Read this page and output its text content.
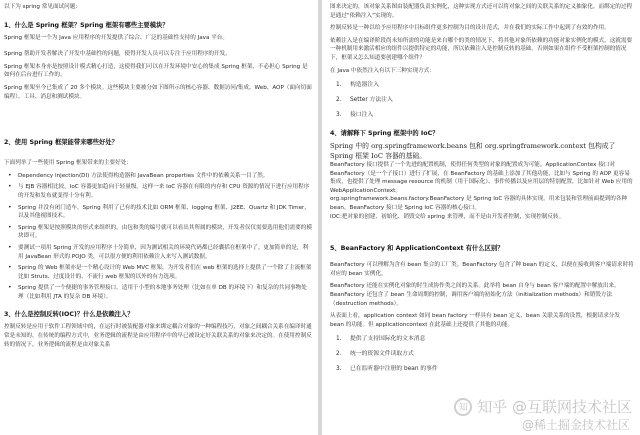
以下为 spring 常见面试问题：
1、什么是 Spring 框架？Spring 框架有哪些主要模块？
Spring 框架是一个为 Java 应用程序的开发提供了综合、广泛的基础性支持的 Java 平台。
Spring 帮助开发者解决了开发中基础性的问题，使得开发人员可以专注于应用程序的开发。
Spring 框架本身亦是按照设计模式精心打造，这使得我们可以在开发环境中安心的集成 Spring 框架，不必担心 Spring 是如何在后台进行工作的。
Spring 框架至今已集成了 20 多个模块。这些模块主要被分如下图所示的核心容器、数据访问/集成、Web、AOP（面向切面编程）、工具、消息和测试模块。
2、使用 Spring 框架能带来哪些好处？
下面列举了一些使用 Spring 框架带来的主要好处：
• Dependency Injection(DI) 方法使得构造器和 JavaBean properties 文件中的依赖关系一目了然。
• 与 EJB 容器相比较，IoC 容器更加趋向于轻量级。这样一来 IoC 容器在有限的内存和 CPU 资源的情况下进行应用程序的开发和发布就变得十分有利。
• Spring 并没有闭门造车，Spring 利用了已有的技术比如 ORM 框架、logging 框架、J2EE、Quartz 和 JDK Timer，以及其他视图技术。
• Spring 框架是按照模块的形式来组织的。由包和类的编号就可以看出其所属的模块，开发者仅仅需要选用他们需要的模块即可。
• 要测试一项用 Spring 开发的应用程序十分简单，因为测试相关的环境代码都已经囊括在框架中了。更加简单的是，利用 JavaBean 形式的 POJO 类，可以很方便的利用依赖注入来写入测试数据。
• Spring 的 Web 框架亦是一个精心设计的 Web MVC 框架，为开发者们在 web 框架的选择上提供了一个除了主流框架比如 Struts、过度设计的、不流行 web 框架的以外的有力选项。
• Spring 提供了一个便捷的事务管理接口，适用于小型的本地事务处理（比如在单 DB 的环境下）和复杂的共同事物处理（比如利用 JTA 的复杂 DB 环境）。
3、什么是控制反转(IOC)？什么是依赖注入？
控制反转是应用于软件工程领域中的，在运行时被装配器对象来绑定耦合对象的一种编程技巧，对象之间耦合关系在编译时通常是未知的。在传统的编程方式中，业务逻辑的流程是由应用程序中的早已被设定好关联关系的对象来决定的。在使用控制反转的情况下，业务逻辑的流程是由对象关系
图来决定的，该对象关系图由装配器负责实例化，这种实现方式还可以将对象之间的关联关系的定义抽象化。而绑定的过程是通过“依赖注入”实现的。
控制反转是一种以给予应用程序中目标组件更多控制为目的设计范式，并在我们的实际工作中起到了有效的作用。
依赖注入是在编译阶段尚未知所需的功能是来自哪个的类的情况下，将其他对象所依赖的功能对象实例化的模式。这就需要一种机制用来激活相应的组件以提供特定的功能，所以依赖注入是控制反转的基础。否则如果在组件不受框架控制的情况下，框架又怎么知道要创建哪个组件？
在 Java 中依然注入有以下三种实现方式：
1. 构造器注入
2. Setter 方法注入
3. 接口注入
4、请解释下 Spring 框架中的 IoC？
Spring 中的 org.springframework.beans 包和 org.springframework.context 包构成了 Spring 框架 IoC 容器的基础。
BeanFactory 接口提供了一个先进的配置机制，使得任何类型的对象的配置成为可能。ApplicationContex 接口对 BeanFactory（是一个子接口）进行了扩展，在 BeanFactory 的基础上添加了其他功能，比如与 Spring 的 AOP 更容易集成，也提供了处理 message resource 的机制（用于国际化）、事件传播以及应用层的特别配置，比如针对 Web 应用的 WebApplicationContext。
org.springframework.beans.factory.BeanFactory 是 Spring IoC 容器的具体实现，用来包装和管理前面提到的各种 bean。BeanFactory 接口是 Spring IoC 容器的核心接口。
IOC:把对象的创建、初始化、销毁交给 spring 来管理，而不是由开发者控制，实现控制反转。
5、BeanFactory 和 ApplicationContext 有什么区别？
BeanFactory 可以理解为含有 bean 集合的工厂类。BeanFactory 包含了种 bean 的定义，以便在接收到客户端请求时将对应的 bean 实例化。
BeanFactory 还能在实例化对象的时生成协作类之间的关系。此举将 bean 自身与 bean 客户端的配置中解放出来。BeanFactory 还包含了 bean 生命周期的控制，调用客户端的初始化方法（initialization methods）和销毁方法（destruction methods）。
从表面上看，application context 如同 bean factory 一样具有 bean 定义、bean 关联关系的设置，根据请求分发 bean 的功能。但 applicationcontext 在此基础上还提供了其他的功能。
1. 提供了支持国际化的文本消息
2. 统一的资源文件读取方式
3. 已在监听器中注册的 bean 的事件
知 知乎 @互联网技术社区
@稀土掘金技术社区
